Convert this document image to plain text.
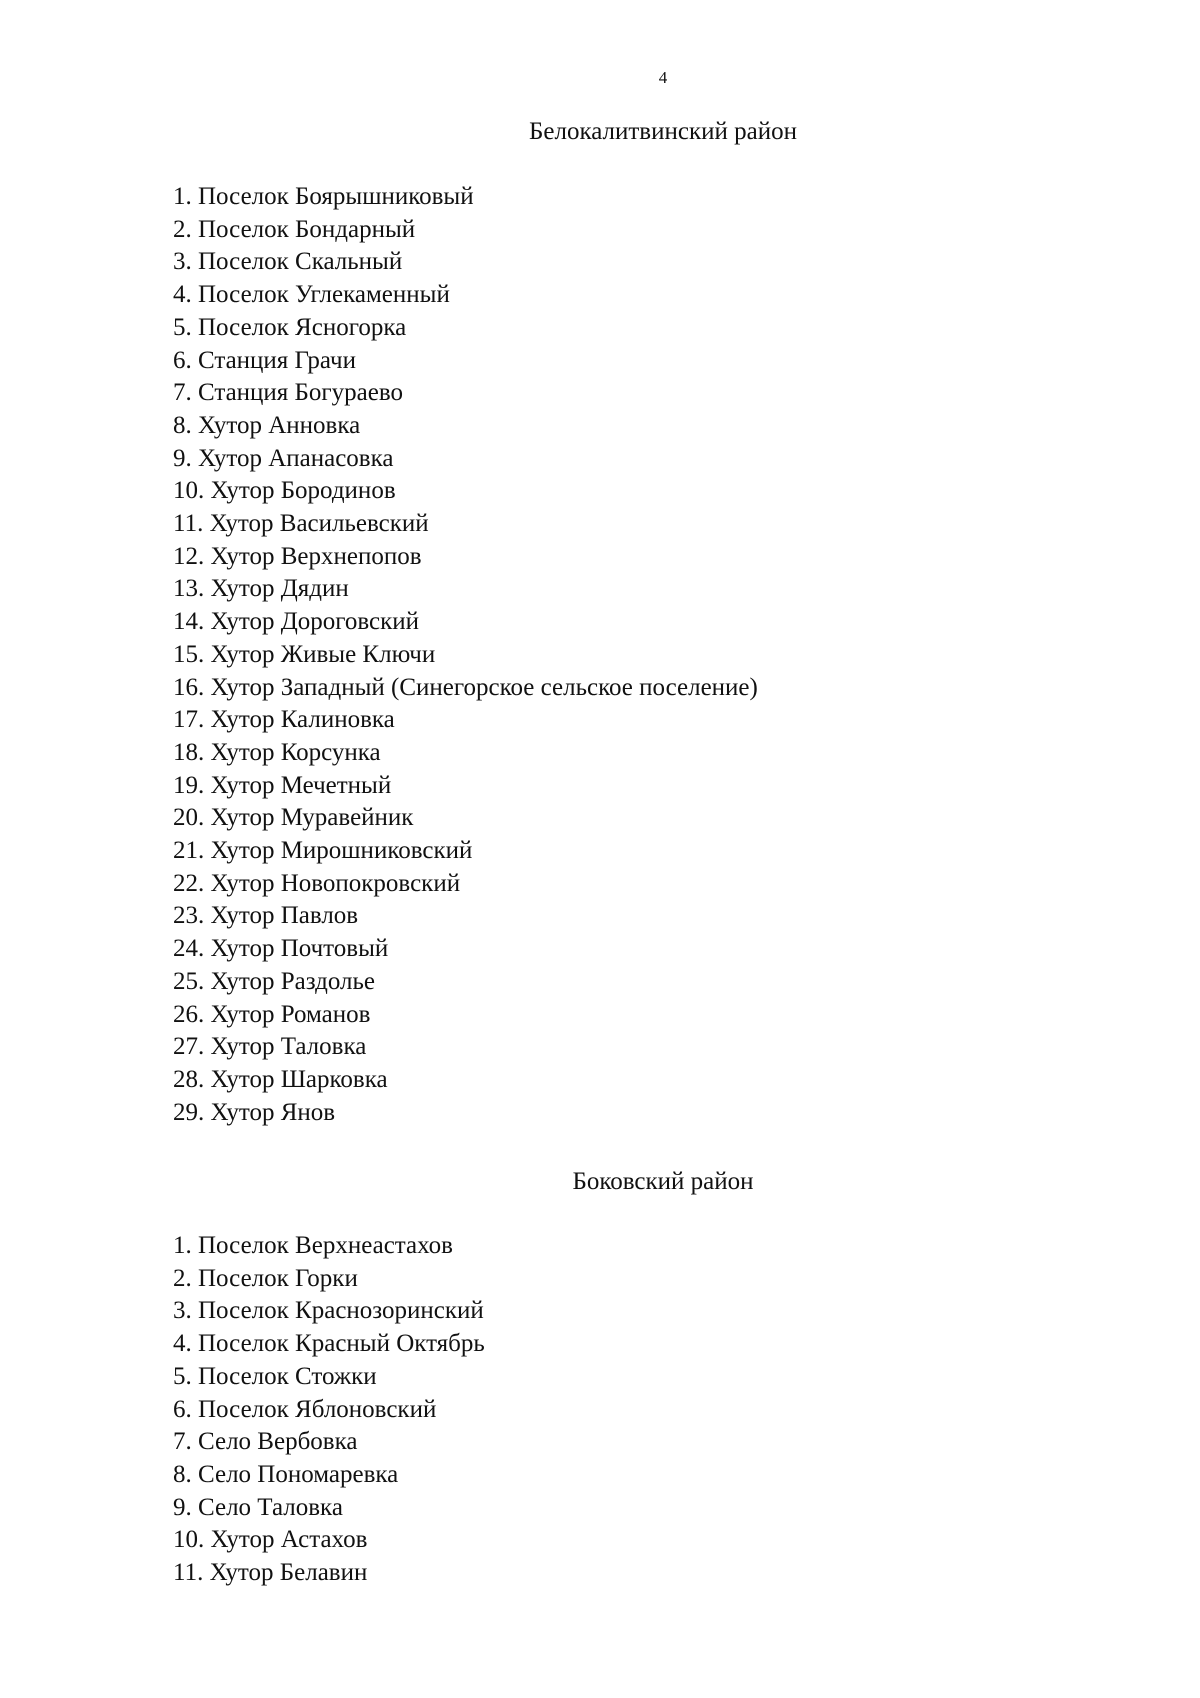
4
Белокалитвинский район
1. Поселок Боярышниковый
2. Поселок Бондарный
3. Поселок Скальный
4. Поселок Углекаменный
5. Поселок Ясногорка
6. Станция Грачи
7. Станция Богураево
8. Хутор Анновка
9. Хутор Апанасовка
10. Хутор Бородинов
11. Хутор Васильевский
12. Хутор Верхнепопов
13. Хутор Дядин
14. Хутор Дороговский
15. Хутор Живые Ключи
16. Хутор Западный (Синегорское сельское поселение)
17. Хутор Калиновка
18. Хутор Корсунка
19. Хутор Мечетный
20. Хутор Муравейник
21. Хутор Мирошниковский
22. Хутор Новопокровский
23. Хутор Павлов
24. Хутор Почтовый
25. Хутор Раздолье
26. Хутор Романов
27. Хутор Таловка
28. Хутор Шарковка
29. Хутор Янов
Боковский район
1. Поселок Верхнеастахов
2. Поселок Горки
3. Поселок Краснозоринский
4. Поселок Красный Октябрь
5. Поселок Стожки
6. Поселок Яблоновский
7. Село Вербовка
8. Село Пономаревка
9. Село Таловка
10. Хутор Астахов
11. Хутор Белавин
